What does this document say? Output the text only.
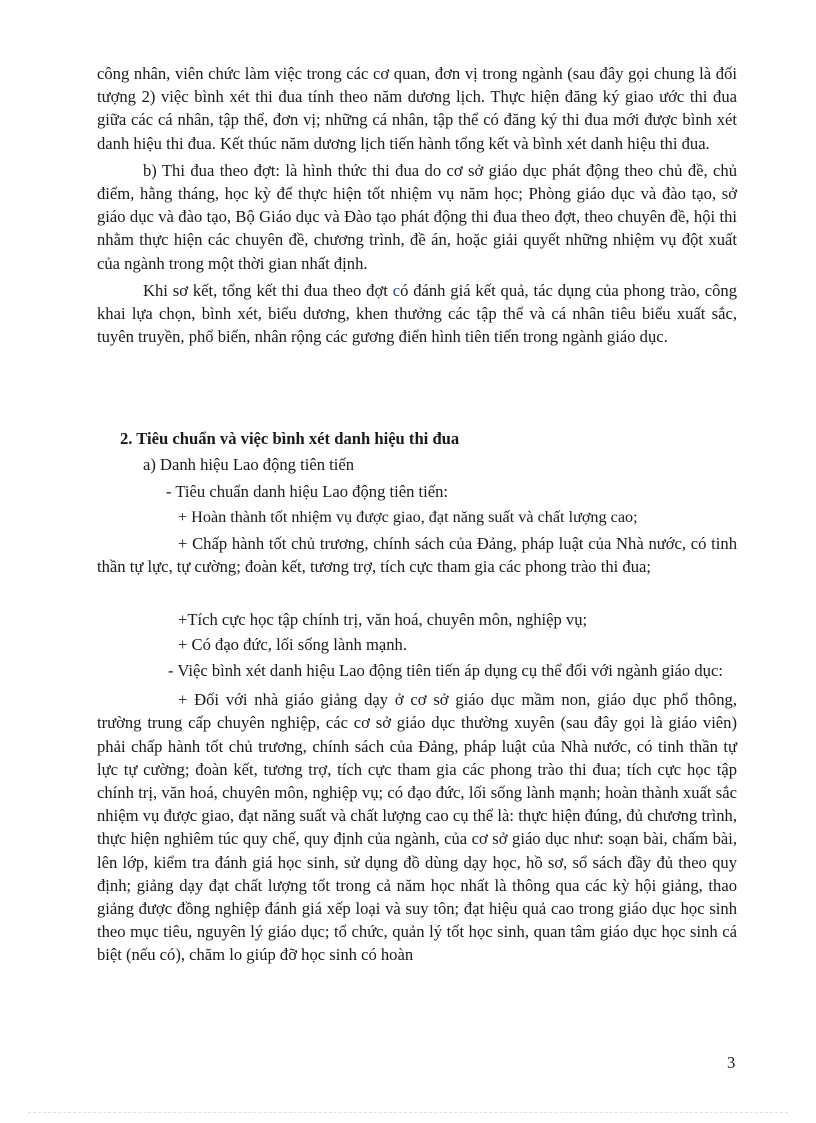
công nhân, viên chức làm việc trong các cơ quan, đơn vị trong ngành (sau đây gọi chung là đối tượng 2) việc bình xét thi đua tính theo năm dương lịch. Thực hiện đăng ký giao ước thi đua giữa các cá nhân, tập thể, đơn vị; những cá nhân, tập thể có đăng ký thi đua mới được bình xét danh hiệu thi đua. Kết thúc năm dương lịch tiến hành tổng kết và bình xét danh hiệu thi đua.

b) Thi đua theo đợt: là hình thức thi đua do cơ sở giáo dục phát động theo chủ đề, chủ điểm, hằng tháng, học kỳ để thực hiện tốt nhiệm vụ năm học; Phòng giáo dục và đào tạo, sở giáo dục và đào tạo, Bộ Giáo dục và Đào tạo phát động thi đua theo đợt, theo chuyên đề, hội thi nhằm thực hiện các chuyên đề, chương trình, đề án, hoặc giải quyết những nhiệm vụ đột xuất của ngành trong một thời gian nhất định.

Khi sơ kết, tổng kết thi đua theo đợt có đánh giá kết quả, tác dụng của phong trào, công khai lựa chọn, bình xét, biểu dương, khen thưởng các tập thể và cá nhân tiêu biểu xuất sắc, tuyên truyền, phổ biến, nhân rộng các gương điển hình tiên tiến trong ngành giáo dục.

2. Tiêu chuẩn và việc bình xét danh hiệu thi đua
a) Danh hiệu Lao động tiên tiến
- Tiêu chuẩn danh hiệu Lao động tiên tiến:
+ Hoàn thành tốt nhiệm vụ được giao, đạt năng suất và chất lượng cao;

+ Chấp hành tốt chủ trương, chính sách của Đảng, pháp luật của Nhà nước, có tinh thần tự lực, tự cường; đoàn kết, tương trợ, tích cực tham gia các phong trào thi đua;

+Tích cực học tập chính trị, văn hoá, chuyên môn, nghiệp vụ;
+ Có đạo đức, lối sống lành mạnh.

- Việc bình xét danh hiệu Lao động tiên tiến áp dụng cụ thể đối với ngành giáo dục:

+ Đối với nhà giáo giảng dạy ở cơ sở giáo dục mầm non, giáo dục phổ thông, trường trung cấp chuyên nghiệp, các cơ sở giáo dục thường xuyên (sau đây gọi là giáo viên) phải chấp hành tốt chủ trương, chính sách của Đảng, pháp luật của Nhà nước, có tinh thần tự lực tự cường; đoàn kết, tương trợ, tích cực tham gia các phong trào thi đua; tích cực học tập chính trị, văn hoá, chuyên môn, nghiệp vụ; có đạo đức, lối sống lành mạnh; hoàn thành xuất sắc nhiệm vụ được giao, đạt năng suất và chất lượng cao cụ thể là: thực hiện đúng, đủ chương trình, thực hiện nghiêm túc quy chế, quy định của ngành, của cơ sở giáo dục như: soạn bài, chấm bài, lên lớp, kiểm tra đánh giá học sinh, sử dụng đồ dùng dạy học, hồ sơ, sổ sách đầy đủ theo quy định; giảng dạy đạt chất lượng tốt trong cả năm học nhất là thông qua các kỳ hội giảng, thao giảng được đồng nghiệp đánh giá xếp loại và suy tôn; đạt hiệu quả cao trong giáo dục học sinh theo mục tiêu, nguyên lý giáo dục; tổ chức, quản lý tốt học sinh, quan tâm giáo dục học sinh cá biệt (nếu có), chăm lo giúp đỡ học sinh có hoàn

3
